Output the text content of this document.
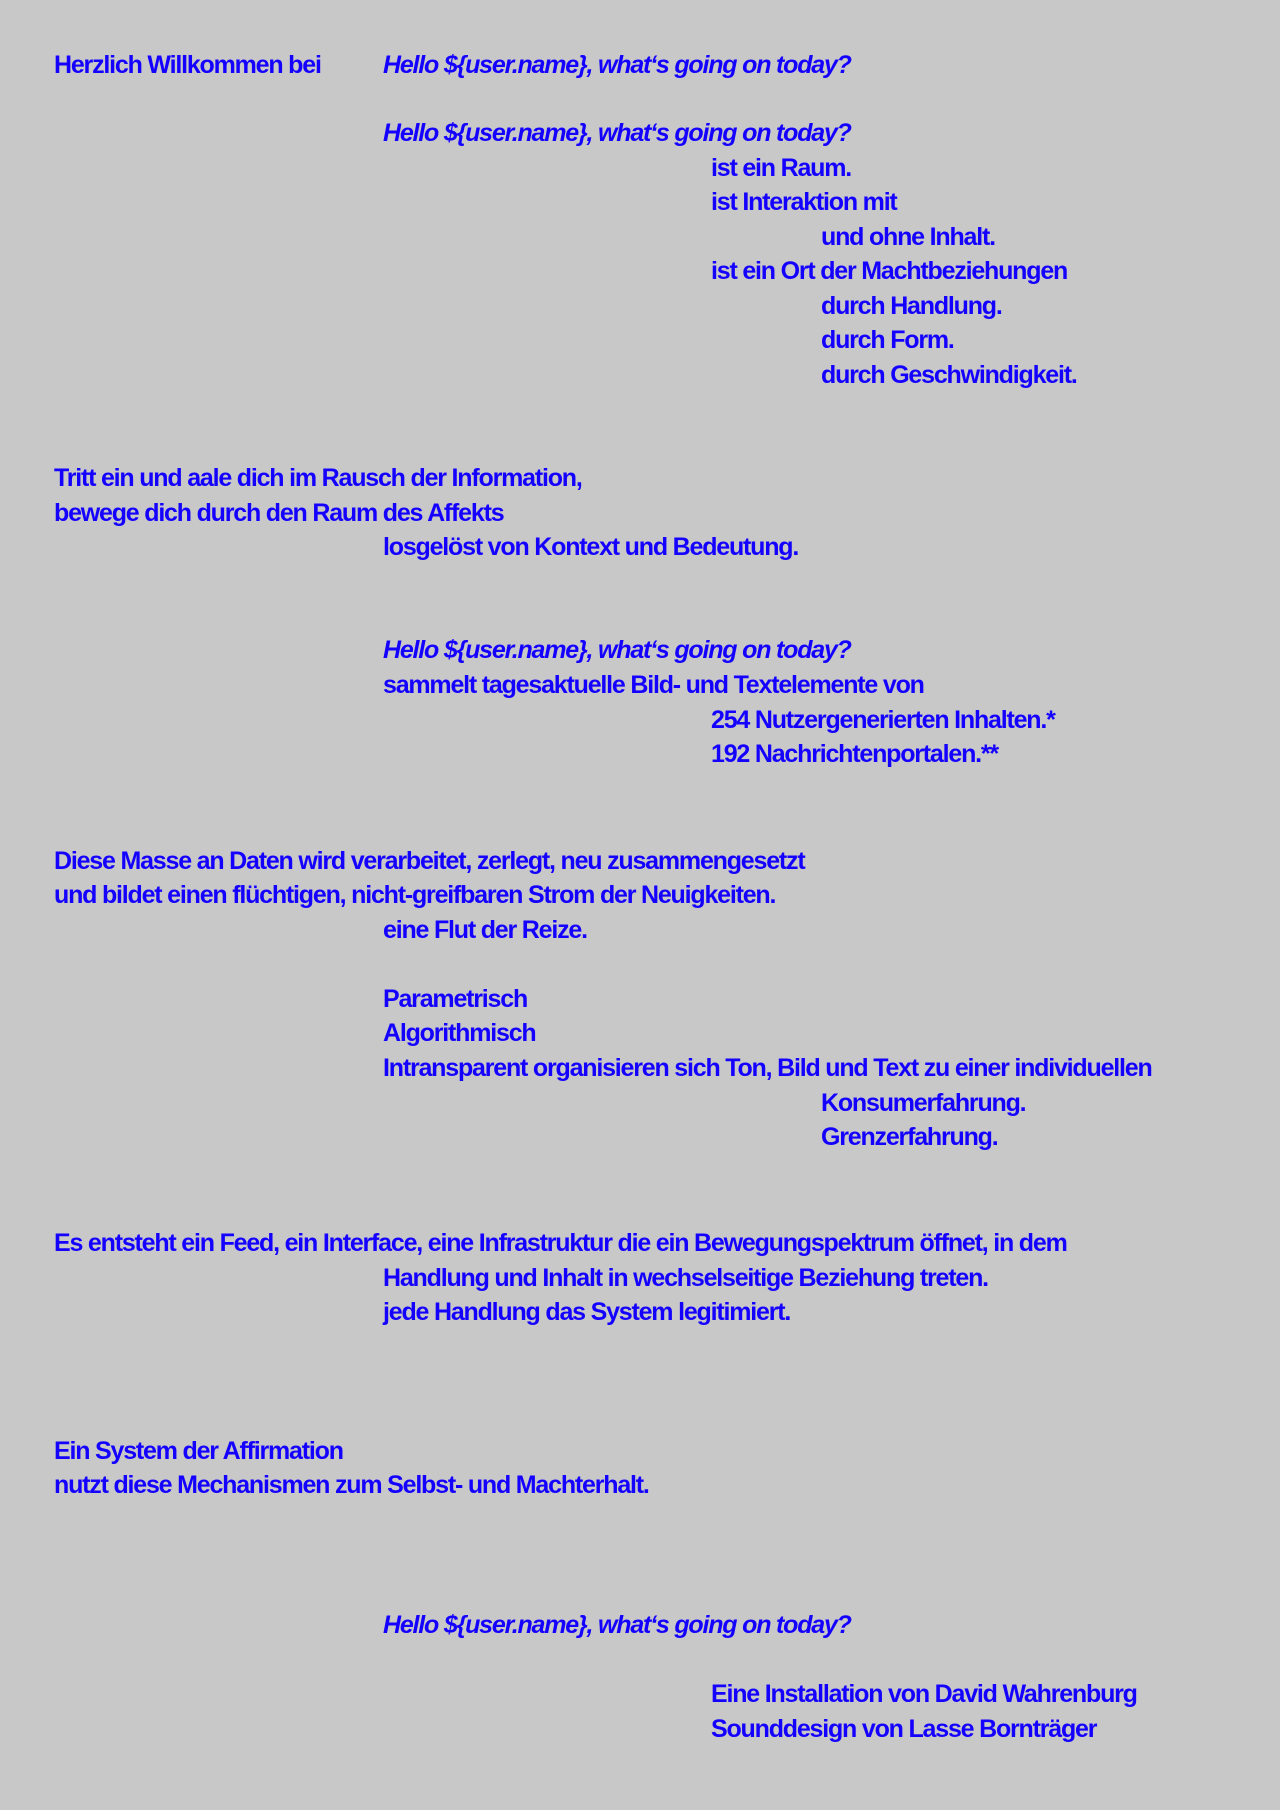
Herzlich Willkommen bei Hello ${user.name}, what‘s going on today?
Hello ${user.name}, what‘s going on today?
ist ein Raum.
ist Interaktion mit
und ohne Inhalt.
ist ein Ort der Machtbeziehungen
durch Handlung.
durch Form.
durch Geschwindigkeit.
Tritt ein und aale dich im Rausch der Information,
bewege dich durch den Raum des Affekts
losgelöst von Kontext und Bedeutung.
Hello ${user.name}, what‘s going on today?
sammelt tagesaktuelle Bild- und Textelemente von
254 Nutzergenerierten Inhalten.*
192 Nachrichtenportalen.**
Diese Masse an Daten wird verarbeitet, zerlegt, neu zusammengesetzt
und bildet einen flüchtigen, nicht-greifbaren Strom der Neuigkeiten.
eine Flut der Reize.
Parametrisch
Algorithmisch
Intransparent organisieren sich Ton, Bild und Text zu einer individuellen
Konsumerfahrung.
Grenzerfahrung.
Es entsteht ein Feed, ein Interface, eine Infrastruktur die ein Bewegungspektrum öffnet, in dem
Handlung und Inhalt in wechselseitige Beziehung treten.
jede Handlung das System legitimiert.
Ein System der Affirmation
nutzt diese Mechanismen zum Selbst- und Machterhalt.
Hello ${user.name}, what‘s going on today?
Eine Installation von David Wahrenburg
Sounddesign von Lasse Bornträger
